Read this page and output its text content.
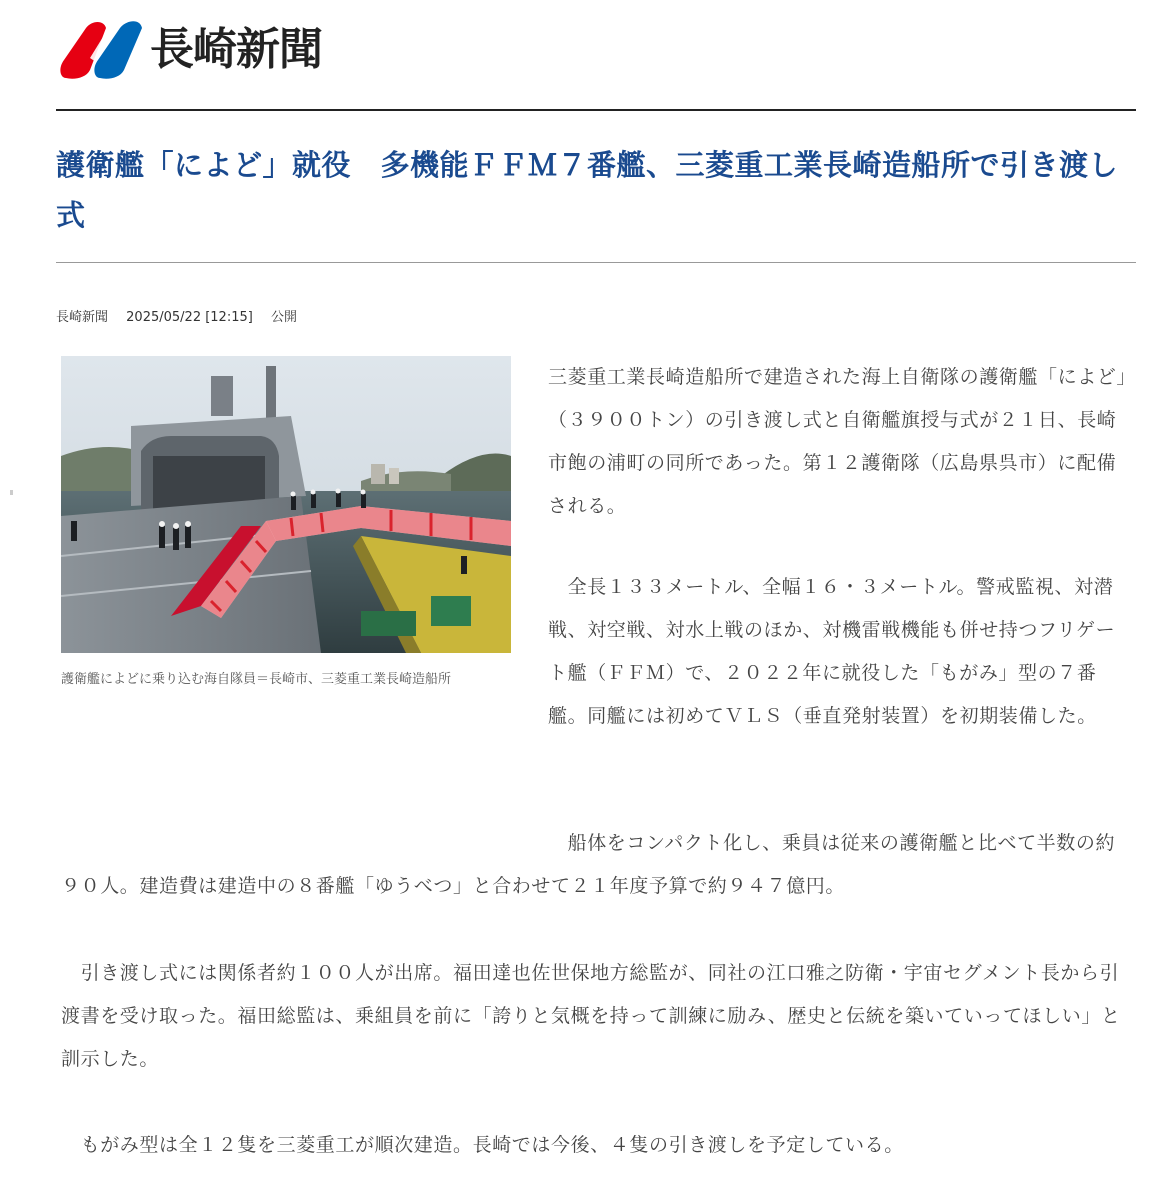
長崎新聞
護衛艦「によど」就役　多機能ＦＦＭ７番艦、三菱重工業長崎造船所で引き渡し式
長崎新聞 2025/05/22 [12:15] 公開
護衛艦によどに乗り込む海自隊員＝長崎市、三菱重工業長崎造船所

三菱重工業長崎造船所で建造された海上自衛隊の護衛艦「によど」（３９００トン）の引き渡し式と自衛艦旗授与式が２１日、長崎市飽の浦町の同所であった。第１２護衛隊（広島県呉市）に配備される。

　全長１３３メートル、全幅１６・３メートル。警戒監視、対潜戦、対空戦、対水上戦のほか、対機雷戦機能も併せ持つフリゲート艦（ＦＦＭ）で、２０２２年に就役した「もがみ」型の７番艦。同艦には初めてＶＬＳ（垂直発射装置）を初期装備した。

　船体をコンパクト化し、乗員は従来の護衛艦と比べて半数の約９０人。建造費は建造中の８番艦「ゆうべつ」と合わせて２１年度予算で約９４７億円。

　引き渡し式には関係者約１００人が出席。福田達也佐世保地方総監が、同社の江口雅之防衛・宇宙セグメント長から引渡書を受け取った。福田総監は、乗組員を前に「誇りと気概を持って訓練に励み、歴史と伝統を築いていってほしい」と訓示した。

　もがみ型は全１２隻を三菱重工が順次建造。長崎では今後、４隻の引き渡しを予定している。
